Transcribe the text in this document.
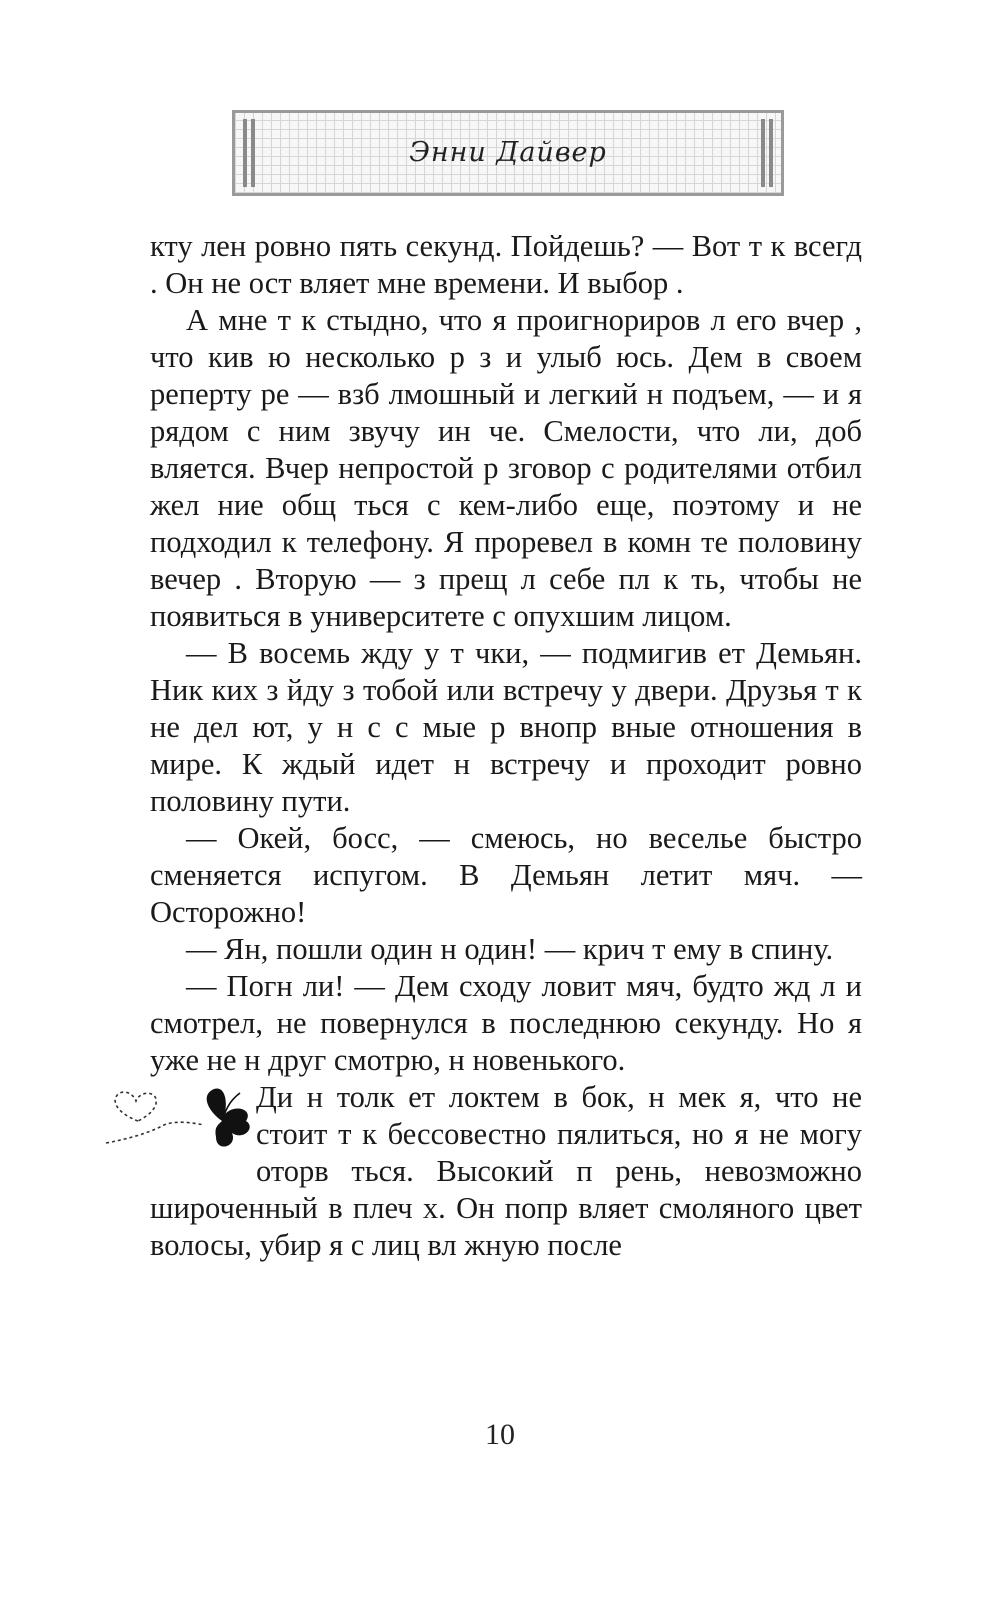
Энни Дайвер

кту лен ровно пять секунд. Пойдешь? — Вот т к всегд . Он не ост вляет мне времени. И выбор .

А мне т к стыдно, что я проигнориров л его вчер , что кив ю несколько р з и улыб юсь. Дем в своем реперту ре — взб лмошный и легкий н подъем, — и я рядом с ним звучу ин че. Смелости, что ли, доб вляется. Вчер непростой р зговор с родителями отбил жел ние общ ться с кем-либо еще, поэтому и не подходил к телефону. Я проревел в комн те половину вечер . Вторую — з прещ л себе пл к ть, чтобы не появиться в университете с опухшим лицом.

— В восемь жду у т чки, — подмигив ет Демьян. Ник ких з йду з тобой или встречу у двери. Друзья т к не дел ют, у н с с мые р внопр вные отношения в мире. К ждый идет н встречу и проходит ровно половину пути.

— Окей, босс, — смеюсь, но веселье быстро сменяется испугом. В Демьян летит мяч. — Осторожно!

— Ян, пошли один н один! — крич т ему в спину.

— Погн ли! — Дем сходу ловит мяч, будто жд л и смотрел, не повернулся в последнюю секунду. Но я уже не н друг смотрю, н новенького.

Ди н толк ет локтем в бок, н мек я, что не стоит т к бессовестно пялиться, но я не могу оторв ться. Высокий п рень, невозможно широченный в плеч х. Он попр вляет смоляного цвет волосы, убир я с лиц вл жную после

10
